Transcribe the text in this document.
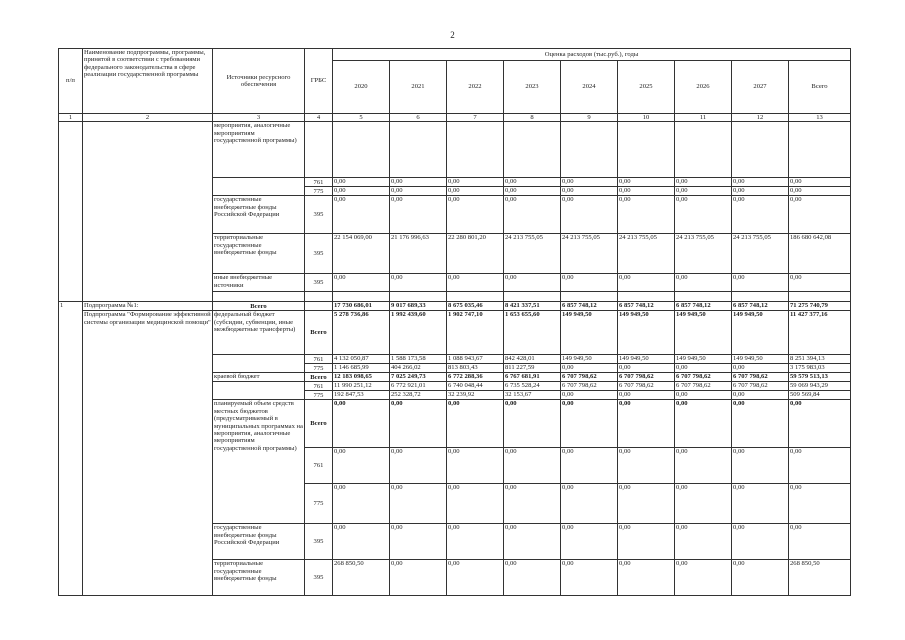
2
п/п	Наименование подпрограммы, программы, принятой в соответствии с требованиями федерального законодательства в сфере реализации государственной программы	Источники ресурсного обеспечения	ГРБС	Оценка расходов (тыс.руб.), годы								
				2020	2021	2022	2023	2024	2025	2026	2027	Всего
1	2	3	4	5	6	7	8	9	10	11	12	13
		мероприятия, аналогичные мероприятиям государственной программы)										
			761	0,00	0,00	0,00	0,00	0,00	0,00	0,00	0,00	0,00
			775	0,00	0,00	0,00	0,00	0,00	0,00	0,00	0,00	0,00
		государственные внебюджетные фонды Российской Федерации	395	0,00	0,00	0,00	0,00	0,00	0,00	0,00	0,00	0,00
		территориальные государственные внебюджетные фонды	395	22 154 069,00	21 176 996,63	22 280 801,20	24 213 755,05	24 213 755,05	24 213 755,05	24 213 755,05	24 213 755,05	186 680 642,08
		иные внебюджетные источники	395	0,00	0,00	0,00	0,00	0,00	0,00	0,00	0,00	0,00

1	Подпрограмма №1:	Всего		17 730 686,01	9 017 689,33	8 675 035,46	8 421 337,51	6 857 748,12	6 857 748,12	6 857 748,12	6 857 748,12	71 275 740,79
	Подпрограмма "Формирование эффективной системы организации медицинской помощи"	федеральный бюджет (субсидии, субвенции, иные межбюджетные трансферты)	Всего	5 278 736,86	1 992 439,60	1 902 747,10	1 653 655,60	149 949,50	149 949,50	149 949,50	149 949,50	11 427 377,16
			761	4 132 050,87	1 588 173,58	1 088 943,67	842 428,01	149 949,50	149 949,50	149 949,50	149 949,50	8 251 394,13
			775	1 146 685,99	404 266,02	813 803,43	811 227,59	0,00	0,00	0,00	0,00	3 175 983,03
		краевой бюджет	Всего	12 183 098,65	7 025 249,73	6 772 288,36	6 767 681,91	6 707 798,62	6 707 798,62	6 707 798,62	6 707 798,62	59 579 513,13
			761	11 990 251,12	6 772 921,01	6 740 048,44	6 735 528,24	6 707 798,62	6 707 798,62	6 707 798,62	6 707 798,62	59 069 943,29
			775	192 847,53	252 328,72	32 239,92	32 153,67	0,00	0,00	0,00	0,00	509 569,84
		планируемый объем средств местных бюджетов (предусматриваемый в муниципальных программах на мероприятия, аналогичные мероприятиям государственной программы)	Всего	0,00	0,00	0,00	0,00	0,00	0,00	0,00	0,00	0,00
			761	0,00	0,00	0,00	0,00	0,00	0,00	0,00	0,00	0,00
			775	0,00	0,00	0,00	0,00	0,00	0,00	0,00	0,00	0,00
		государственные внебюджетные фонды Российской Федерации	395	0,00	0,00	0,00	0,00	0,00	0,00	0,00	0,00	0,00
		территориальные государственные внебюджетные фонды	395	268 850,50	0,00	0,00	0,00	0,00	0,00	0,00	0,00	268 850,50
